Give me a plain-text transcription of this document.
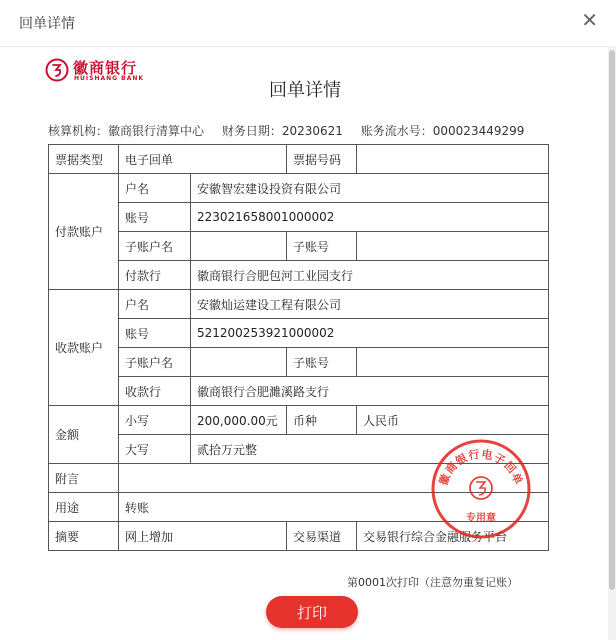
回单详情	✕
徽商银行
HUISHANG BANK
回单详情
核算机构：徽商银行清算中心 财务日期：20230621 账务流水号：000023449299
票据类型	电子回单		票据号码	
付款账户	户名	安徽智宏建设投资有限公司		
	账号	223021658001000002		
	子账户名		子账号	
	付款行	徽商银行合肥包河工业园支行		
收款账户	户名	安徽灿运建设工程有限公司		
	账号	521200253921000002		
	子账户名		子账号	
	收款行	徽商银行合肥濉溪路支行		
金额	小写	200,000.00元	币种	人民币
	大写	贰拾万元整		
附言				
用途	转账			
摘要	网上增加		交易渠道	交易银行综合金融服务平台
徽商银行电子回单
专用章
第0001次打印（注意勿重复记账）
打印
